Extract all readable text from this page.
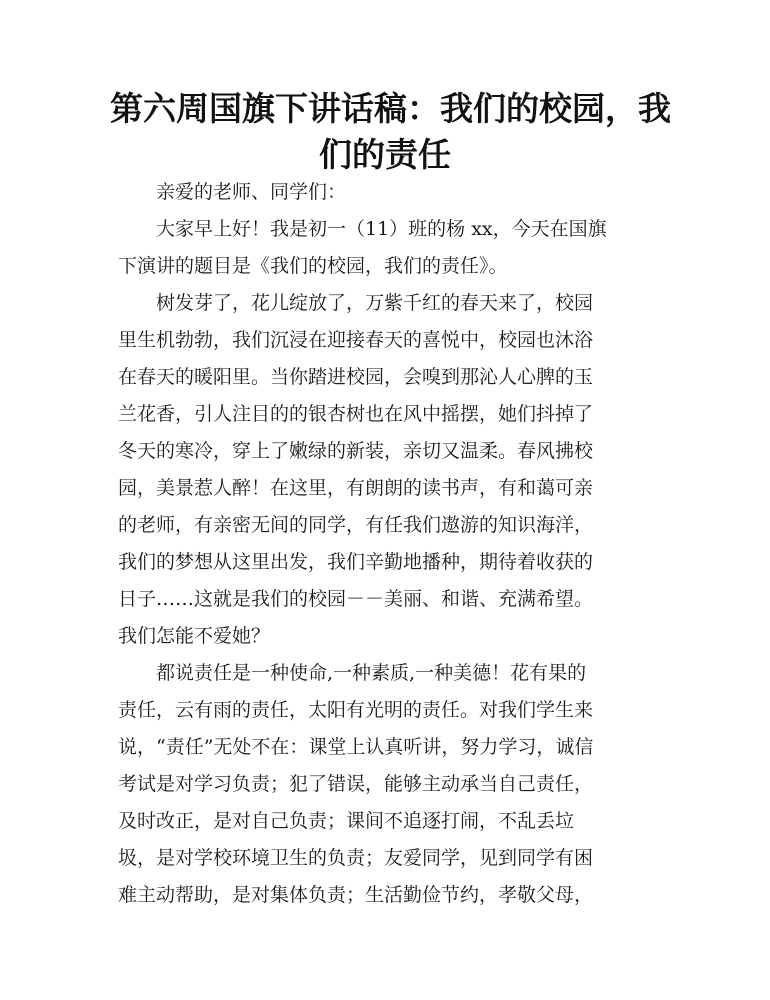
第六周国旗下讲话稿：我们的校园，我
们的责任

亲爱的老师、同学们：

大家早上好！我是初一（11）班的杨 xx，今天在国旗
下演讲的题目是《我们的校园，我们的责任》。

树发芽了，花儿绽放了，万紫千红的春天来了，校园
里生机勃勃，我们沉浸在迎接春天的喜悦中，校园也沐浴
在春天的暖阳里。当你踏进校园，会嗅到那沁人心脾的玉
兰花香，引人注目的的银杏树也在风中摇摆，她们抖掉了
冬天的寒冷，穿上了嫩绿的新装，亲切又温柔。春风拂校
园，美景惹人醉！在这里，有朗朗的读书声，有和蔼可亲
的老师，有亲密无间的同学，有任我们遨游的知识海洋，
我们的梦想从这里出发，我们辛勤地播种，期待着收获的
日子……这就是我们的校园－－美丽、和谐、充满希望。
我们怎能不爱她？

都说责任是一种使命,一种素质,一种美德！花有果的
责任，云有雨的责任，太阳有光明的责任。对我们学生来
说，“责任”无处不在：课堂上认真听讲，努力学习，诚信
考试是对学习负责；犯了错误，能够主动承当自己责任，
及时改正，是对自己负责；课间不追逐打闹，不乱丢垃
圾，是对学校环境卫生的负责；友爱同学，见到同学有困
难主动帮助，是对集体负责；生活勤俭节约，孝敬父母，
